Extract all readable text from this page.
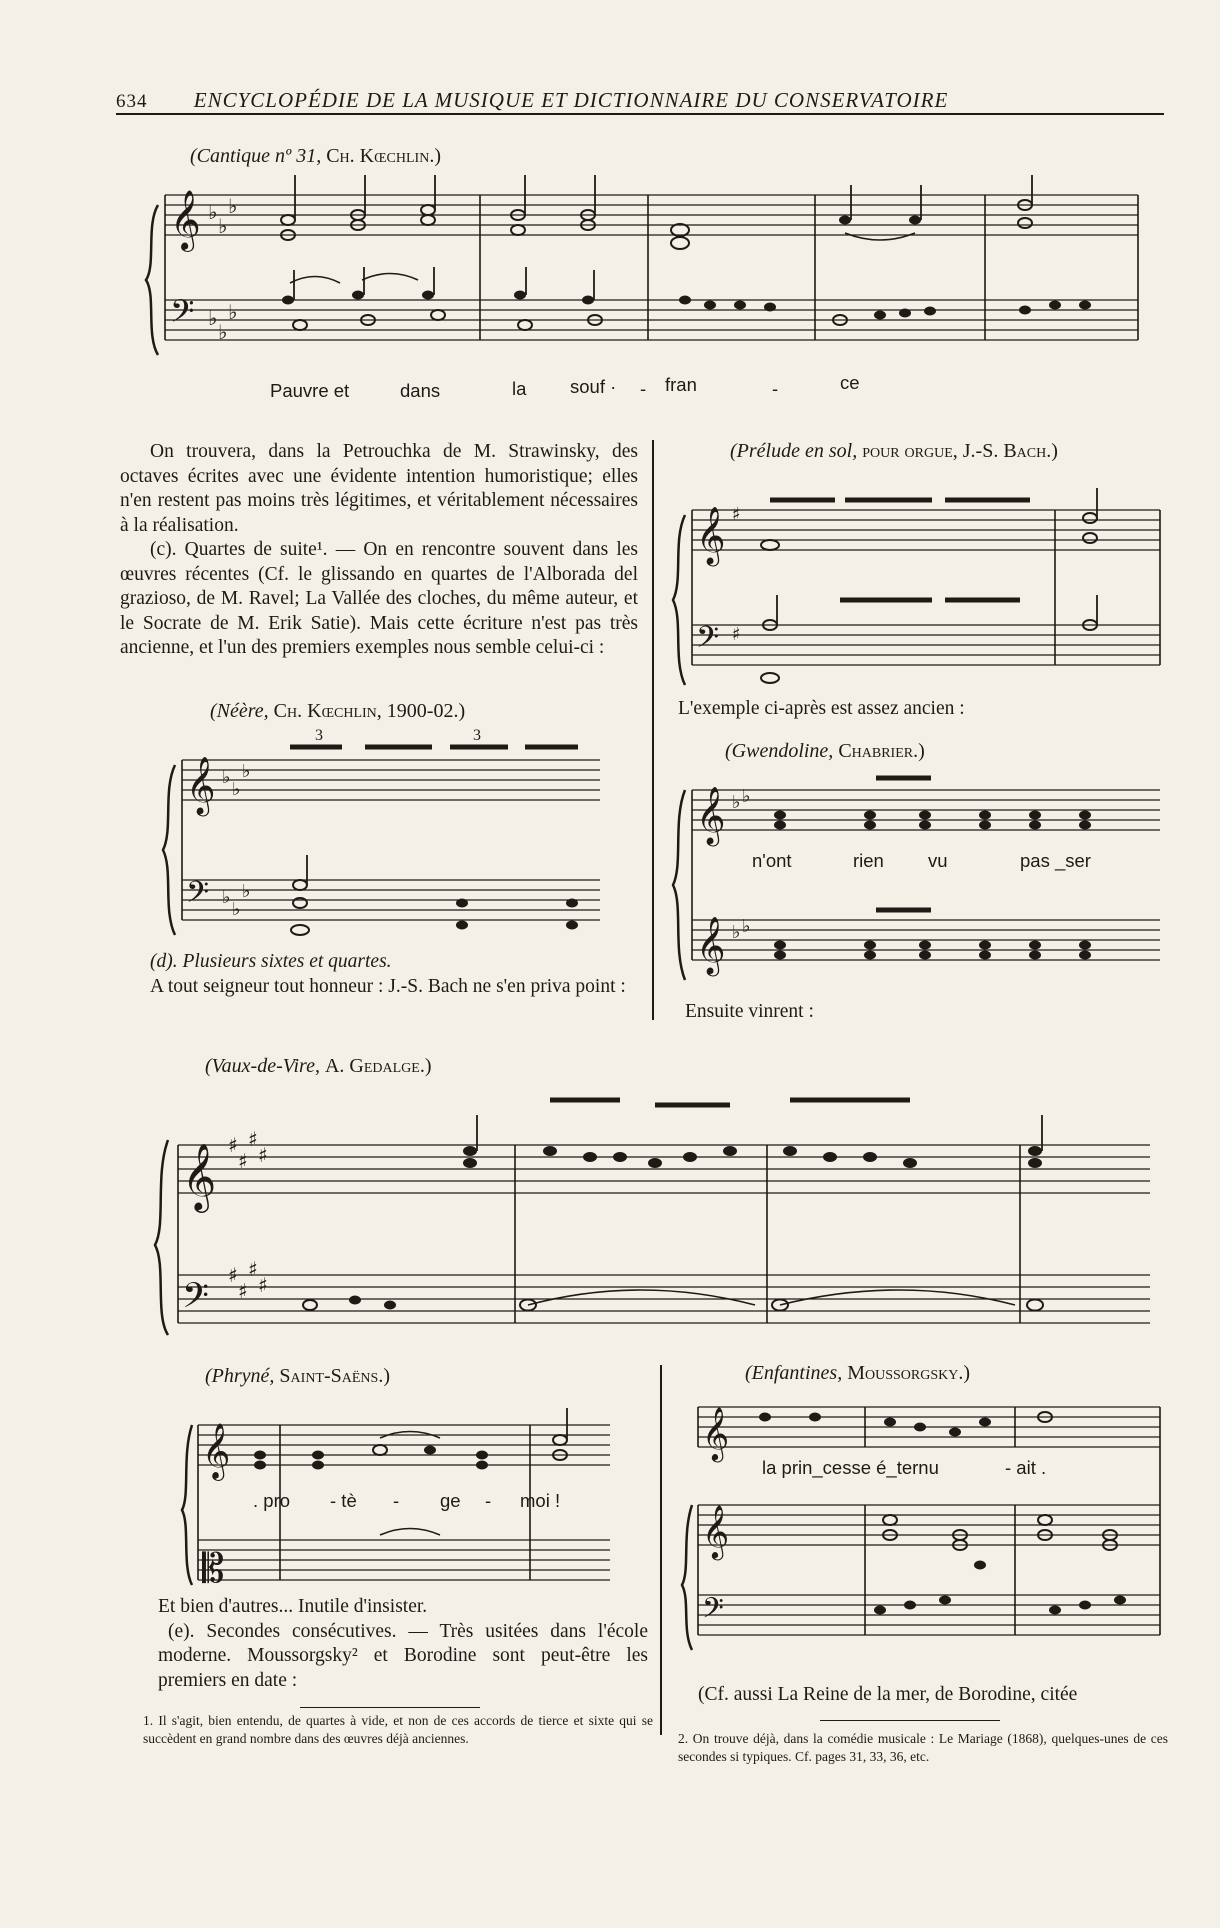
634 ENCYCLOPÉDIE DE LA MUSIQUE ET DICTIONNAIRE DU CONSERVATOIRE
(Cantique nº 31, Ch. Kœchlin.)
𝄞
𝄢
♭
♭
♭
♭
♭
♭
Pauvre et	dans	la souf · - fran	-	ce

On trouvera, dans la Petrouchka de M. Strawinsky, des octaves écrites avec une évidente intention humoristique; elles n'en restent pas moins très légitimes, et véritablement nécessaires à la réalisation.

(c). Quartes de suite¹. — On en rencontre souvent dans les œuvres récentes (Cf. le glissando en quartes de l'Alborada del grazioso, de M. Ravel; La Vallée des cloches, du même auteur, et le Socrate de M. Erik Satie). Mais cette écriture n'est pas très ancienne, et l'un des premiers exemples nous semble celui-ci :

(Néère, Ch. Kœchlin, 1900-02.)
3	3
𝄞
𝄢
♭
♭
♭
♭
♭
♭

(d). Plusieurs sixtes et quartes.

A tout seigneur tout honneur : J.-S. Bach ne s'en priva point :

(Prélude en sol, pour orgue, J.-S. Bach.)
𝄞
𝄢
♯
♯

L'exemple ci-après est assez ancien :

(Gwendoline, Chabrier.)
𝄞
𝄞
♭ ♭
♭ ♭
n'ont	rien vu	pas _ser

Ensuite vinrent :

(Vaux-de-Vire, A. Gedalge.)
𝄞
𝄢
♯
♯
♯
♯
♯
♯
♯
♯
(Phryné, Saint-Saëns.)
𝄞
𝄡
. pro - tè - ge - moi !

Et bien d'autres... Inutile d'insister.

(e). Secondes consécutives. — Très usitées dans l'école moderne. Moussorgsky² et Borodine sont peut-être les premiers en date :

(Enfantines, Moussorgsky.)
𝄞
𝄞
𝄢
la prin_cesse é_ternu	- ait .

(Cf. aussi La Reine de la mer, de Borodine, citée

1. Il s'agit, bien entendu, de quartes à vide, et non de ces accords de tierce et sixte qui se succèdent en grand nombre dans des œuvres déjà anciennes.	2. On trouve déjà, dans la comédie musicale : Le Mariage (1868), quelques-unes de ces secondes si typiques. Cf. pages 31, 33, 36, etc.
